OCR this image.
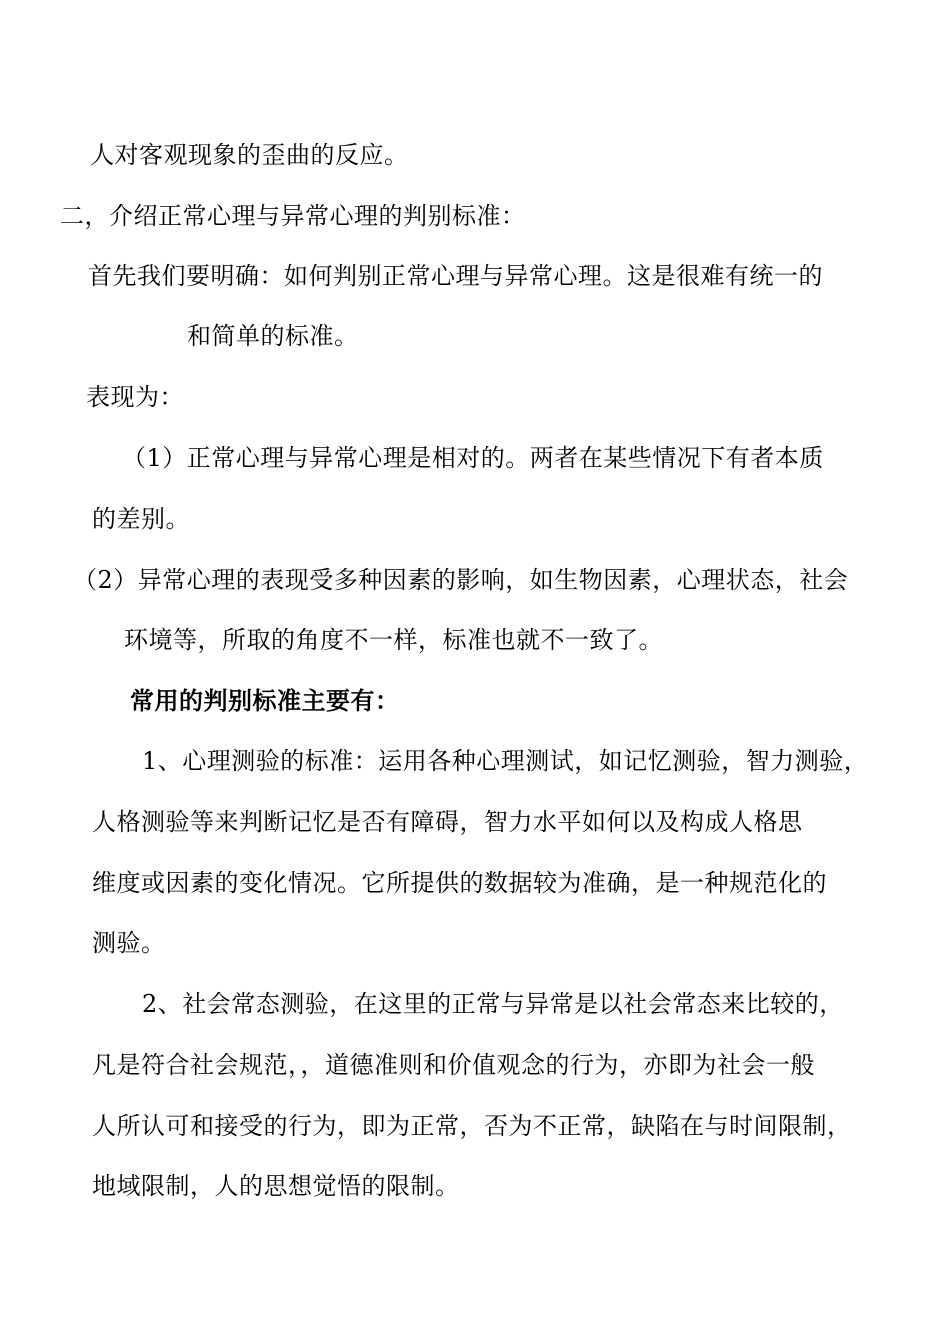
人对客观现象的歪曲的反应。
二，介绍正常心理与异常心理的判别标准：
首先我们要明确：如何判别正常心理与异常心理。这是很难有统一的
和简单的标准。
表现为：
（1）正常心理与异常心理是相对的。两者在某些情况下有者本质
的差别。
（2）异常心理的表现受多种因素的影响，如生物因素，心理状态，社会
环境等，所取的角度不一样，标准也就不一致了。
常用的判别标准主要有：
1、心理测验的标准：运用各种心理测试，如记忆测验，智力测验，
人格测验等来判断记忆是否有障碍，智力水平如何以及构成人格思
维度或因素的变化情况。它所提供的数据较为准确，是一种规范化的
测验。
2、社会常态测验，在这里的正常与异常是以社会常态来比较的，
凡是符合社会规范，，道德准则和价值观念的行为，亦即为社会一般
人所认可和接受的行为，即为正常，否为不正常，缺陷在与时间限制，
地域限制，人的思想觉悟的限制。
